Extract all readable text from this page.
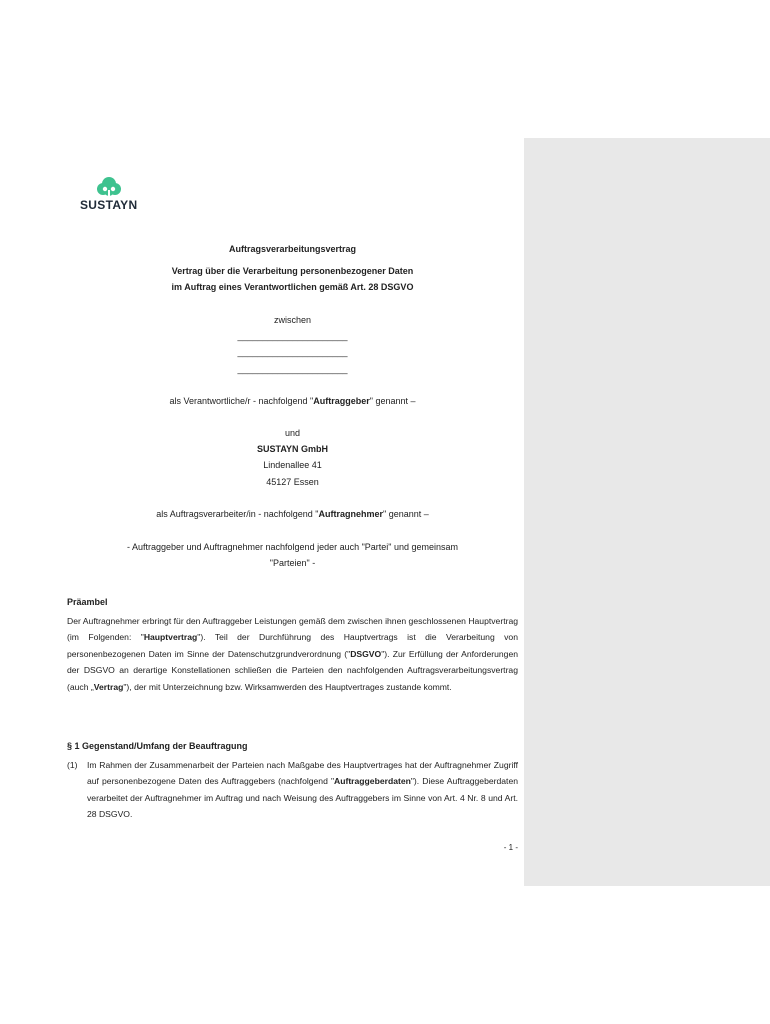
SUSTAYN
Auftragsverarbeitungsvertrag
Vertrag über die Verarbeitung personenbezogener Daten
im Auftrag eines Verantwortlichen gemäß Art. 28 DSGVO
zwischen
______________________
______________________
______________________
als Verantwortliche/r - nachfolgend "Auftraggeber" genannt –
und
SUSTAYN GmbH
Lindenallee 41
45127 Essen
als Auftragsverarbeiter/in - nachfolgend "Auftragnehmer" genannt –
- Auftraggeber und Auftragnehmer nachfolgend jeder auch "Partei" und gemeinsam
"Parteien" -
Präambel
Der Auftragnehmer erbringt für den Auftraggeber Leistungen gemäß dem zwischen ihnen geschlossenen Hauptvertrag (im Folgenden: "Hauptvertrag"). Teil der Durchführung des Hauptvertrags ist die Verarbeitung von personenbezogenen Daten im Sinne der Datenschutzgrundverordnung ("DSGVO"). Zur Erfüllung der Anforderungen der DSGVO an derartige Konstellationen schließen die Parteien den nachfolgenden Auftragsverarbeitungsvertrag (auch „Vertrag"), der mit Unterzeichnung bzw. Wirksamwerden des Hauptvertrages zustande kommt.
§ 1 Gegenstand/Umfang der Beauftragung
(1) Im Rahmen der Zusammenarbeit der Parteien nach Maßgabe des Hauptvertrages hat der Auftragnehmer Zugriff auf personenbezogene Daten des Auftraggebers (nachfolgend "Auftraggeberdaten"). Diese Auftraggeberdaten verarbeitet der Auftragnehmer im Auftrag und nach Weisung des Auftraggebers im Sinne von Art. 4 Nr. 8 und Art. 28 DSGVO.
- 1 -
